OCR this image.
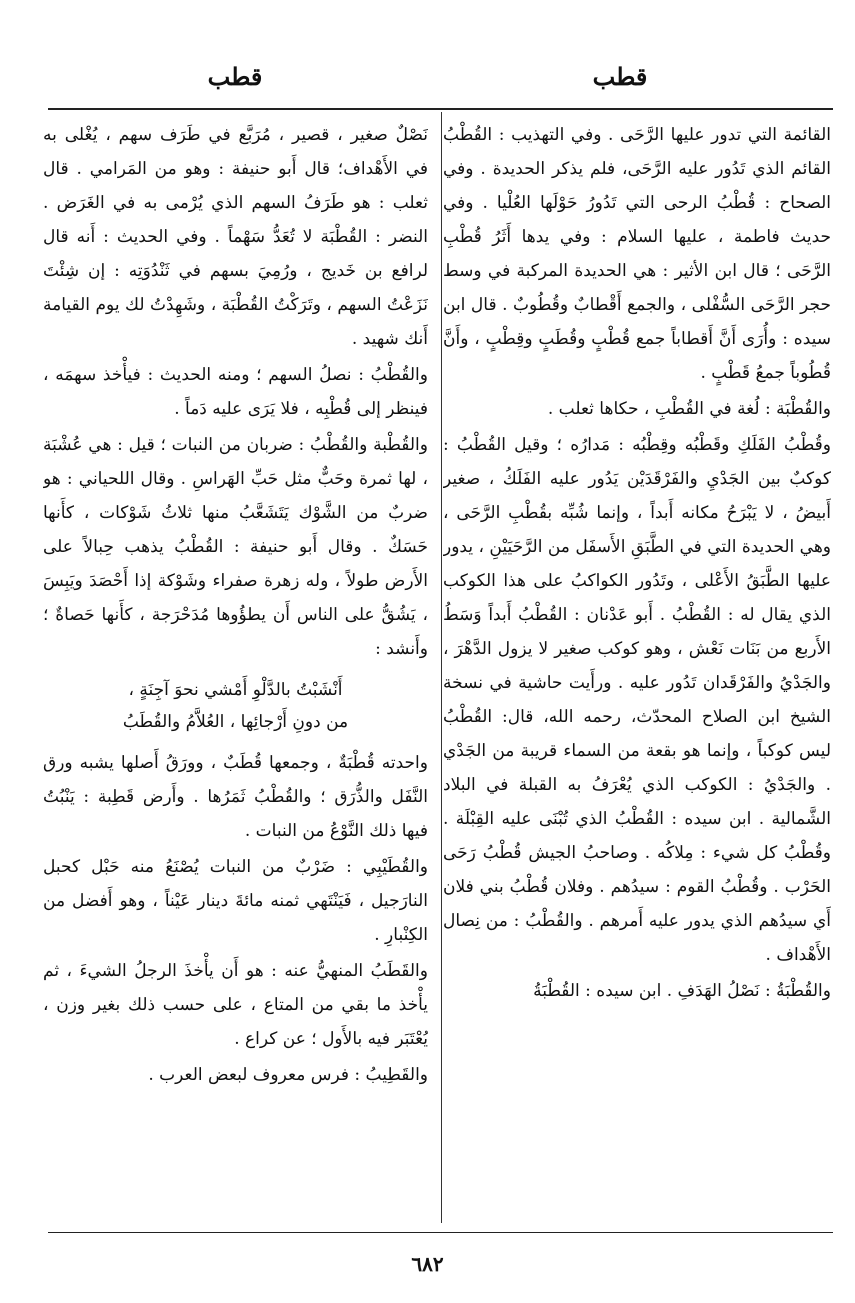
قطب	قطب

القائمة التي تدور عليها الرَّحَى . وفي التهذيب : القُطْبُ القائم الذي تَدُور عليه الرَّحَى، فلم يذكر الحديدة . وفي الصحاح : قُطْبُ الرحى التي تَدُورُ حَوْلَها العُلْيا . وفي حديث فاطمة ، عليها السلام : وفي يدها أَثَرُ قُطْبِ الرَّحَى ؛ قال ابن الأثير : هي الحديدة المركبة في وسط حجر الرَّحَى السُّفْلى ، والجمع أَقْطابٌ وقُطُوبٌ . قال ابن سيده : وأُرَى أَنَّ أَقطاباً جمع قُطْبٍ وقُطَبٍ وقِطْبٍ ، وأَنَّ قُطُوباً جمعُ قَطْبٍ .

والقُطْبَة : لُغة في القُطْبِ ، حكاها ثعلب .

وقُطْبُ الفَلَكِ وقَطْبُه وقِطْبُه : مَدارُه ؛ وقيل القُطْبُ : كوكبٌ بين الجَدْيِ والفَرْقَدَيْن يَدُور عليه الفَلَكُ ، صغير أَبيضُ ، لا يَبْرَحُ مكانه أَبداً ، وإنما شُبِّه بقُطْبِ الرَّحَى ، وهي الحديدة التي في الطَّبَقِ الأَسفَل من الرَّحَيَيْنِ ، يدور عليها الطَّبَقُ الأَعْلى ، وتَدُور الكواكبُ على هذا الكوكب الذي يقال له : القُطْبُ . أَبو عَدْنان : القُطْبُ أَبداً وَسَطُ الأَربع من بَنَات نَعْش ، وهو كوكب صغير لا يزول الدَّهْرَ ، والجَدْيُ والفَرْقَدان تَدُور عليه . ورأَيت حاشية في نسخة الشيخ ابن الصلاح المحدّث، رحمه الله، قال: القُطْبُ ليس كوكباً ، وإنما هو بقعة من السماء قريبة من الجَدْي . والجَدْيُ : الكوكب الذي يُعْرَفُ به القبلة في البلاد الشَّمالية . ابن سيده : القُطْبُ الذي تُبْنَى عليه القِبْلَة . وقُطْبُ كل شيء : مِلاكُه . وصاحبُ الجيش قُطْبُ رَحَى الحَرْب . وقُطْبُ القوم : سيدُهم . وفلان قُطْبُ بني فلان أَي سيدُهم الذي يدور عليه أَمرهم . والقُطْبُ : من نِصال الأَهْداف .

والقُطْبَةُ : نَصْلُ الهَدَفِ . ابن سيده : القُطْبَةُ

نَصْلٌ صغير ، قصير ، مُرَبَّع في طَرَف سهم ، يُغْلى به في الأَهْداف؛ قال أَبو حنيفة : وهو من المَرامي . قال ثعلب : هو طَرَفُ السهم الذي يُرْمى به في الغَرَض . النضر : القُطْبَة لا تُعَدُّ سَهْماً . وفي الحديث : أَنه قال لرافع بن خَديج ، ورُمِيَ بسهم في ثَنْدُوَتِه : إن شِئْتَ نَزَعْتُ السهم ، وتَرَكْتُ القُطْبَة ، وشَهِدْتُ لك يوم القيامة أَنك شهيد .

والقُطْبُ : نصلُ السهم ؛ ومنه الحديث : فيأْخذ سهمَه ، فينظر إلى قُطْبِه ، فلا يَرَى عليه دَماً .

والقُطْبة والقُطْبُ : ضربان من النبات ؛ قيل : هي عُشْبَة ، لها ثمرة وحَبٌّ مثل حَبِّ الهَراسِ . وقال اللحياني : هو ضربٌ من الشَّوْك يَتَشَعَّبُ منها ثلاثُ شَوْكات ، كأَنها حَسَكٌ . وقال أَبو حنيفة : القُطْبُ يذهب حِبالاً على الأَرض طولاً ، وله زهرة صفراء وشَوْكة إذا أَحْصَدَ ويَبِسَ ، يَشُقُّ على الناس أَن يطؤُوها مُدَحْرَجة ، كأَنها حَصاةٌ ؛ وأَنشد :

أَنْشَبْتُ بالدَّلْوِ أَمْشي نحوَ آجِنَةٍ ،
من دونِ أَرْجائِها ، العُلاَّمُ والقُطَبُ

واحدته قُطْبَةٌ ، وجمعها قُطَبٌ ، وورَقُ أَصلها يشبه ورق النَّفَل والذُّرَق ؛ والقُطْبُ ثَمَرُها . وأَرض قَطِبة : يَنْبُتُ فيها ذلك النَّوْعُ من النبات .

والقُطَيْبِي : ضَرْبٌ من النبات يُصْنَعُ منه حَبْل كحبل النارَجيل ، فَيَنْتَهي ثمنه مائةَ دينار عَيْناً ، وهو أَفضل من الكِنْبارِ .

والقَطَبُ المنهيُّ عنه : هو أَن يأْخذَ الرجلُ الشيءَ ، ثم يأْخذ ما بقي من المتاع ، على حسب ذلك بغير وزن ، يُعْتَبَر فيه بالأَول ؛ عن كراع .

والقَطِيبُ : فرس معروف لبعض العرب .

٦٨٢
